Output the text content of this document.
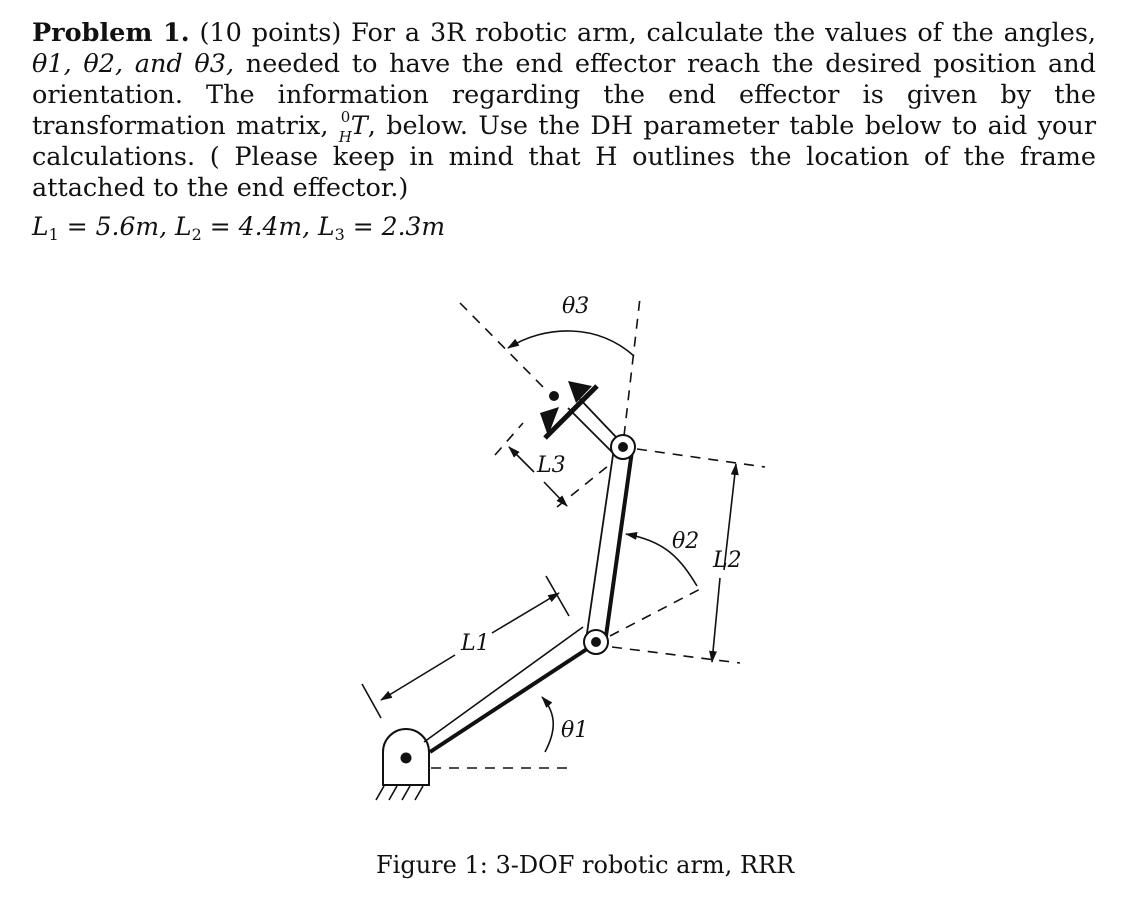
Problem 1. (10 points) For a 3R robotic arm, calculate the values of the angles, θ1, θ2, and θ3, needed to have the end effector reach the desired position and orientation. The information regarding the end effector is given by the transformation matrix, 0
H
T, below. Use the DH parameter table below to aid your calculations. ( Please keep in mind that H outlines the location of the frame attached to the end effector.)
$L_1 = 5.6m$, $L_2 = 4.4m$, $L_3 = 2.3m$
θ1
θ2
θ3
L1
L2
L3
Figure 1: 3-DOF robotic arm, RRR
